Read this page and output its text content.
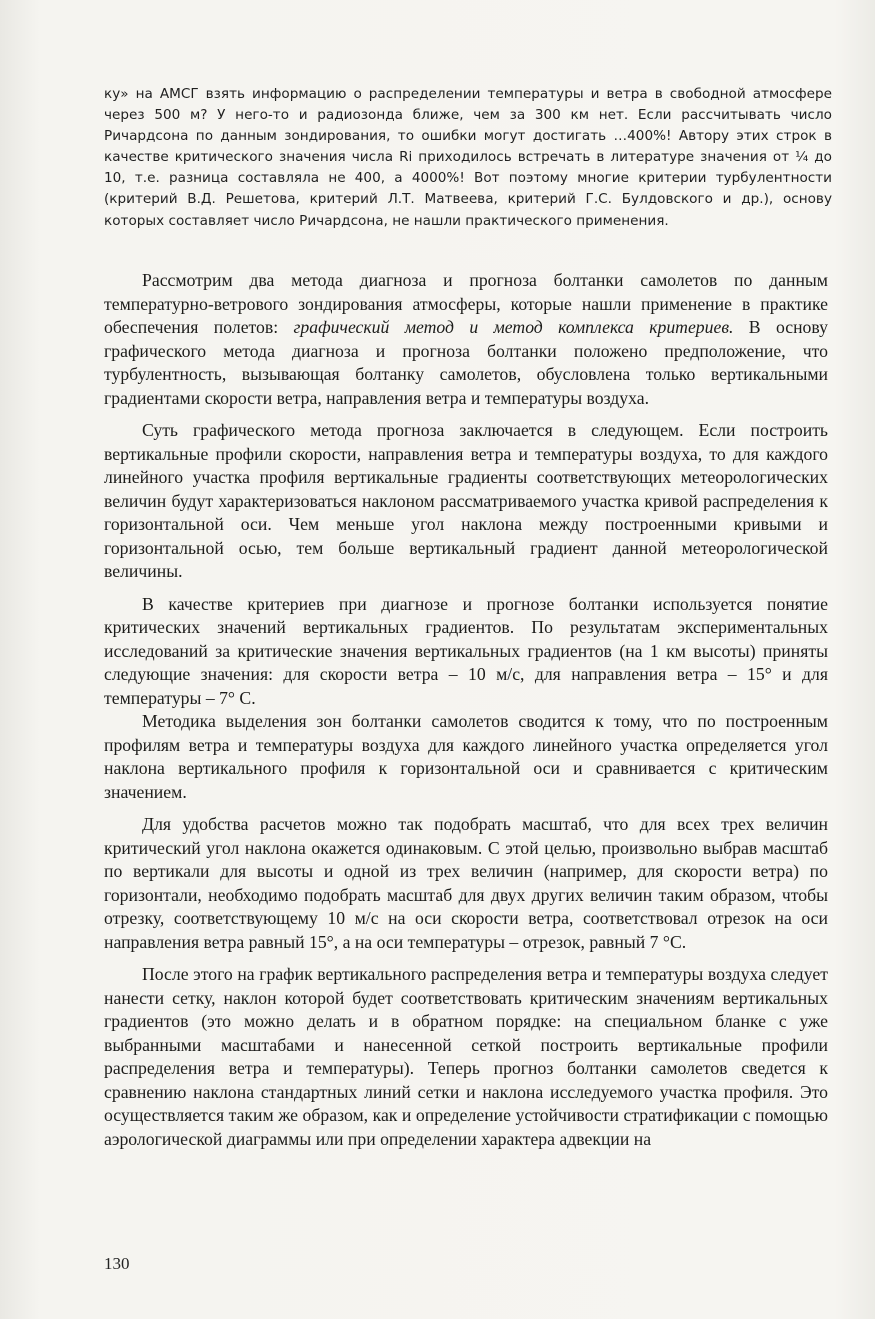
ку» на АМСГ взять информацию о распределении температуры и ветра в свободной атмосфере через 500 м? У него-то и радиозонда ближе, чем за 300 км нет. Если рассчитывать число Ричардсона по данным зондирования, то ошибки могут достигать …400%! Автору этих строк в качестве критического значения числа Ri приходилось встречать в литературе значения от ¼ до 10, т.е. разница составляла не 400, а 4000%! Вот поэтому многие критерии турбулентности (критерий В.Д. Решетова, критерий Л.Т. Матвеева, критерий Г.С. Булдовского и др.), основу которых составляет число Ричардсона, не нашли практического применения.

Рассмотрим два метода диагноза и прогноза болтанки самолетов по данным температурно-ветрового зондирования атмосферы, которые нашли применение в практике обеспечения полетов: графический метод и метод комплекса критериев. В основу графического метода диагноза и прогноза болтанки положено предположение, что турбулентность, вызывающая болтанку самолетов, обусловлена только вертикальными градиентами скорости ветра, направления ветра и температуры воздуха.

Суть графического метода прогноза заключается в следующем. Если построить вертикальные профили скорости, направления ветра и температуры воздуха, то для каждого линейного участка профиля вертикальные градиенты соответствующих метеорологических величин будут характеризоваться наклоном рассматриваемого участка кривой распределения к горизонтальной оси. Чем меньше угол наклона между построенными кривыми и горизонтальной осью, тем больше вертикальный градиент данной метеорологической величины.

В качестве критериев при диагнозе и прогнозе болтанки используется понятие критических значений вертикальных градиентов. По результатам экспериментальных исследований за критические значения вертикальных градиентов (на 1 км высоты) приняты следующие значения: для скорости ветра – 10 м/с, для направления ветра – 15° и для температуры – 7° С.

Методика выделения зон болтанки самолетов сводится к тому, что по построенным профилям ветра и температуры воздуха для каждого линейного участка определяется угол наклона вертикального профиля к горизонтальной оси и сравнивается с критическим значением.

Для удобства расчетов можно так подобрать масштаб, что для всех трех величин критический угол наклона окажется одинаковым. С этой целью, произвольно выбрав масштаб по вертикали для высоты и одной из трех величин (например, для скорости ветра) по горизонтали, необходимо подобрать масштаб для двух других величин таким образом, чтобы отрезку, соответствующему 10 м/с на оси скорости ветра, соответствовал отрезок на оси направления ветра равный 15°, а на оси температуры – отрезок, равный 7 °С.

После этого на график вертикального распределения ветра и температуры воздуха следует нанести сетку, наклон которой будет соответствовать критическим значениям вертикальных градиентов (это можно делать и в обратном порядке: на специальном бланке с уже выбранными масштабами и нанесенной сеткой построить вертикальные профили распределения ветра и температуры). Теперь прогноз болтанки самолетов сведется к сравнению наклона стандартных линий сетки и наклона исследуемого участка профиля. Это осуществляется таким же образом, как и определение устойчивости стратификации с помощью аэрологической диаграммы или при определении характера адвекции на

130
